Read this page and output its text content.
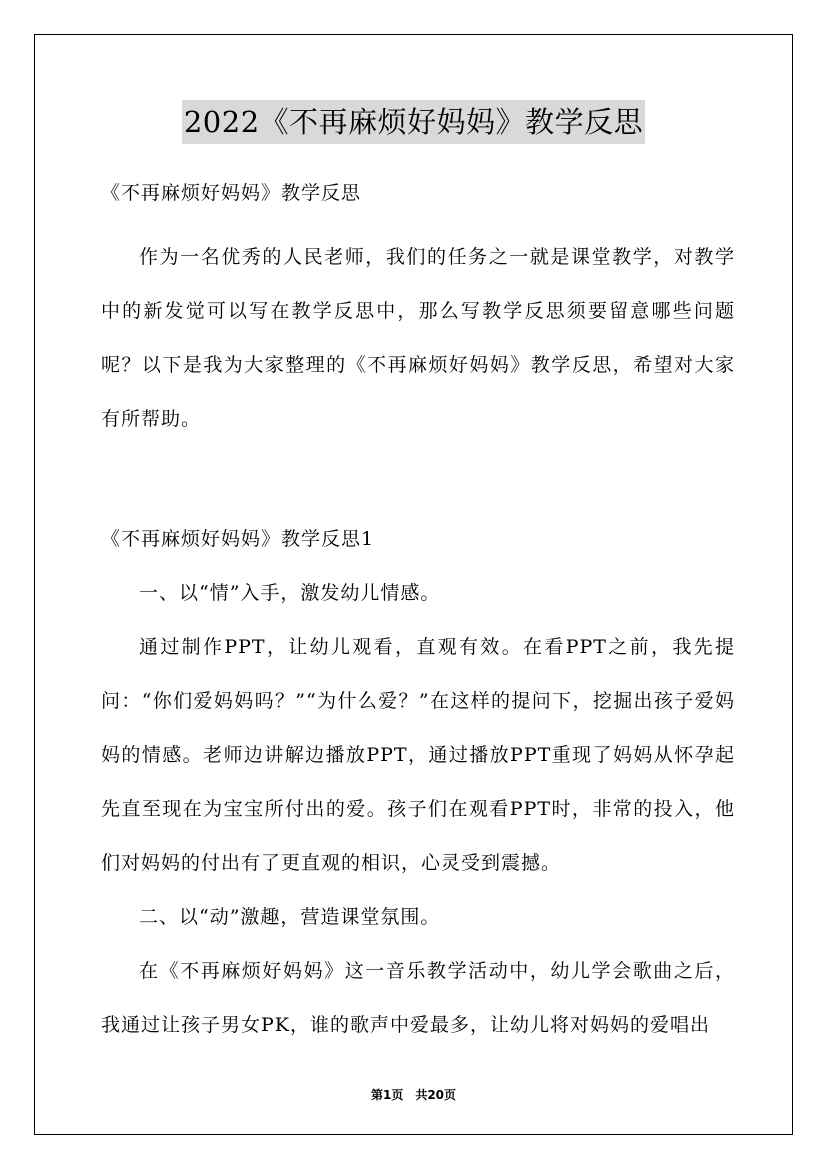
2022《不再麻烦好妈妈》教学反思

《不再麻烦好妈妈》教学反思

作为一名优秀的人民老师，我们的任务之一就是课堂教学，对教学中的新发觉可以写在教学反思中，那么写教学反思须要留意哪些问题呢？以下是我为大家整理的《不再麻烦好妈妈》教学反思，希望对大家有所帮助。

《不再麻烦好妈妈》教学反思1

一、以“情”入手，激发幼儿情感。

通过制作PPT，让幼儿观看，直观有效。在看PPT之前，我先提问：“你们爱妈妈吗？”“为什么爱？”在这样的提问下，挖掘出孩子爱妈妈的情感。老师边讲解边播放PPT，通过播放PPT重现了妈妈从怀孕起先直至现在为宝宝所付出的爱。孩子们在观看PPT时，非常的投入，他们对妈妈的付出有了更直观的相识，心灵受到震撼。

二、以“动”激趣，营造课堂氛围。

在《不再麻烦好妈妈》这一音乐教学活动中，幼儿学会歌曲之后，我通过让孩子男女PK，谁的歌声中爱最多，让幼儿将对妈妈的爱唱出

第1页　共20页
